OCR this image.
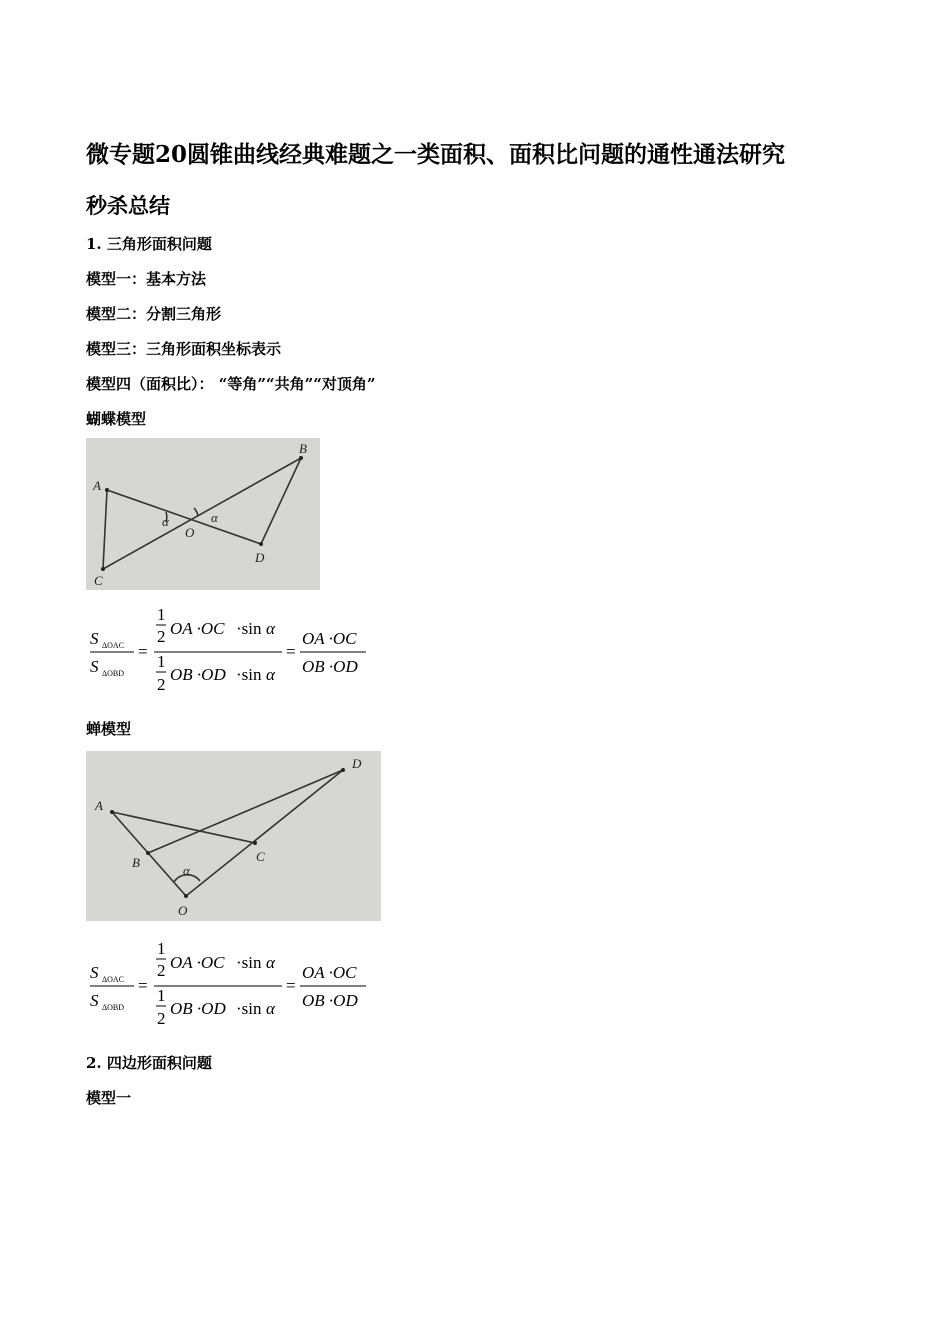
微专题20圆锥曲线经典难题之一类面积、面积比问题的通性通法研究
秒杀总结
1. 三角形面积问题
模型一：基本方法
模型二：分割三角形
模型三：三角形面积坐标表示
模型四（面积比）： “等角”“共角”“对顶角”
蝴蝶模型
A
C
B
D
O
α	α
S ΔOAC
S ΔOBD
=
1
2 OA ·OC ·sin α
1
2
OB ·OD ·sin α
=
OA ·OC
OB ·OD
蝉模型
A
B	C
D
O
α
S ΔOAC
S ΔOBD
=
1
2 OA ·OC ·sin α
1
2
OB ·OD ·sin α
=
OA ·OC
OB ·OD
2. 四边形面积问题
模型一
